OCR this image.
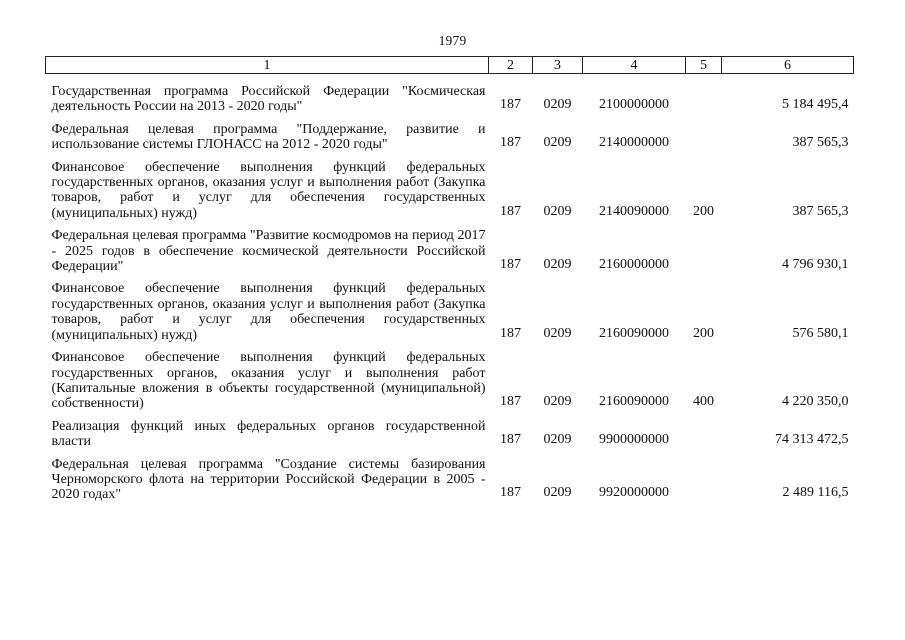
1979
1	2	3	4	5	6
Государственная программа Российской Федерации "Космическая деятельность России на 2013 - 2020 годы"	187	0209	2100000000		5 184 495,4
Федеральная целевая программа "Поддержание, развитие и использование системы ГЛОНАСС на 2012 - 2020 годы"	187	0209	2140000000		387 565,3
Финансовое обеспечение выполнения функций федеральных государственных органов, оказания услуг и выполнения работ (Закупка товаров, работ и услуг для обеспечения государственных (муниципальных) нужд)	187	0209	2140090000	200	387 565,3
Федеральная целевая программа "Развитие космодромов на период 2017 - 2025 годов в обеспечение космической деятельности Российской Федерации"	187	0209	2160000000		4 796 930,1
Финансовое обеспечение выполнения функций федеральных государственных органов, оказания услуг и выполнения работ (Закупка товаров, работ и услуг для обеспечения государственных (муниципальных) нужд)	187	0209	2160090000	200	576 580,1
Финансовое обеспечение выполнения функций федеральных государственных органов, оказания услуг и выполнения работ (Капитальные вложения в объекты государственной (муниципальной) собственности)	187	0209	2160090000	400	4 220 350,0
Реализация функций иных федеральных органов государственной власти	187	0209	9900000000		74 313 472,5
Федеральная целевая программа "Создание системы базирования Черноморского флота на территории Российской Федерации в 2005 - 2020 годах"	187	0209	9920000000		2 489 116,5
